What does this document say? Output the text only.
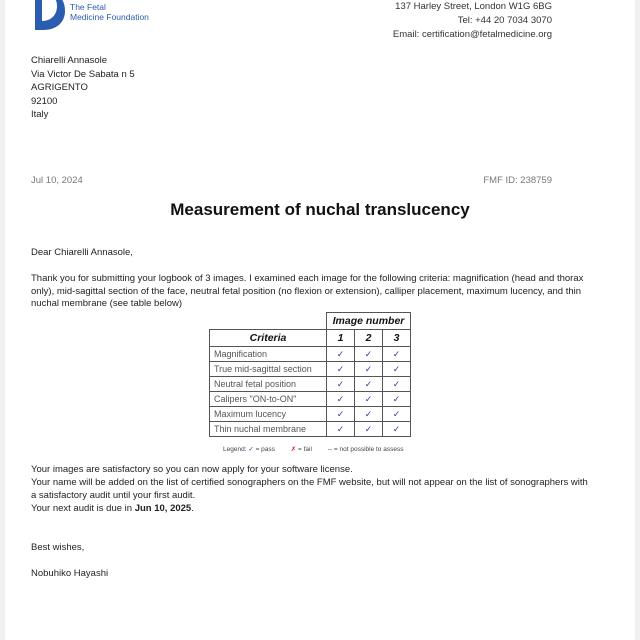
The Fetal
Medicine Foundation
137 Harley Street, London W1G 6BG
Tel: +44 20 7034 3070
Email: certification@fetalmedicine.org
Chiarelli Annasole
Via Victor De Sabata n 5
AGRIGENTO
92100
Italy
Jul 10, 2024	FMF ID: 238759
Measurement of nuchal translucency
Dear Chiarelli Annasole,
Thank you for submitting your logbook of 3 images. I examined each image for the following criteria: magnification (head and thorax only), mid-sagittal section of the face, neutral fetal position (no flexion or extension), calliper placement, maximum lucency, and thin nuchal membrane (see table below)
	Image number		
Criteria	1	2	3
Magnification	✓	✓	✓
True mid-sagittal section	✓	✓	✓
Neutral fetal position	✓	✓	✓
Calipers "ON-to-ON"	✓	✓	✓
Maximum lucency	✓	✓	✓
Thin nuchal membrane	✓	✓	✓
Legend: ✓ = pass ✗ = fail -- = not possible to assess

Your images are satisfactory so you can now apply for your software license.

Your name will be added on the list of certified sonographers on the FMF website, but will not appear on the list of sonographers with a satisfactory audit until your first audit.

Your next audit is due in Jun 10, 2025.

Best wishes,
Nobuhiko Hayashi
